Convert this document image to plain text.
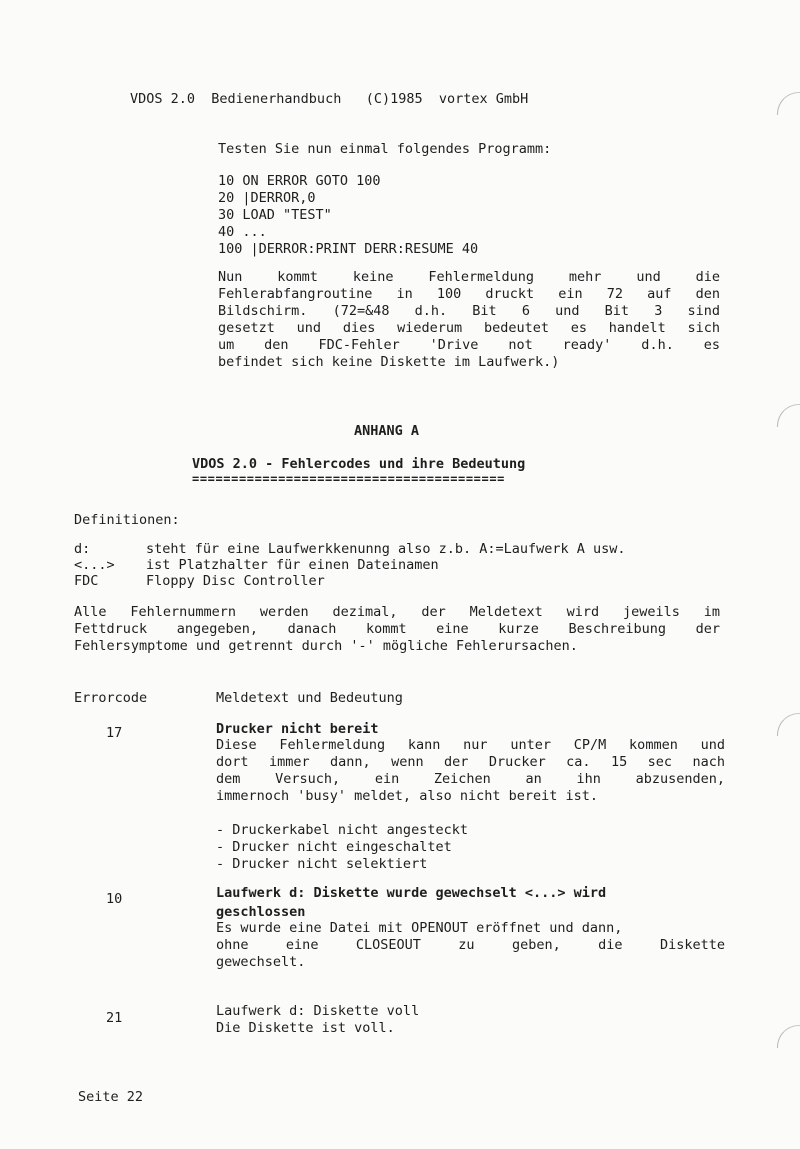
VDOS 2.0  Bedienerhandbuch   (C)1985  vortex GmbH
Testen Sie nun einmal folgendes Programm:
10 ON ERROR GOTO 100
20 |DERROR,0
30 LOAD "TEST"
40 ...
100 |DERROR:PRINT DERR:RESUME 40
Nun kommt keine Fehlermeldung mehr und die
Fehlerabfangroutine in 100 druckt ein 72 auf den
Bildschirm. (72=&48 d.h. Bit 6 und Bit 3 sind
gesetzt und dies wiederum bedeutet es handelt sich
um den FDC-Fehler 'Drive not ready' d.h. es
befindet sich keine Diskette im Laufwerk.)
ANHANG A
VDOS 2.0 - Fehlercodes und ihre Bedeutung
========================================
Definitionen:
d:	steht für eine Laufwerkkenunng also z.b. A:=Laufwerk A usw.
<...> ist Platzhalter für einen Dateinamen
FDC	Floppy Disc Controller
Alle Fehlernummern werden dezimal, der Meldetext wird jeweils im
Fettdruck angegeben, danach kommt eine kurze Beschreibung der
Fehlersymptome und getrennt durch '-' mögliche Fehlerursachen.
Errorcode	Meldetext und Bedeutung
17	Drucker nicht bereit
Diese Fehlermeldung kann nur unter CP/M kommen und
dort immer dann, wenn der Drucker ca. 15 sec nach
dem Versuch, ein Zeichen an ihn abzusenden,
immernoch 'busy' meldet, also nicht bereit ist.
- Druckerkabel nicht angesteckt
- Drucker nicht eingeschaltet
- Drucker nicht selektiert
10	Laufwerk d: Diskette wurde gewechselt <...> wird
geschlossen
Es wurde eine Datei mit OPENOUT eröffnet und dann,
ohne eine CLOSEOUT zu geben, die Diskette
gewechselt.
21	Laufwerk d: Diskette voll
Die Diskette ist voll.
Seite 22
